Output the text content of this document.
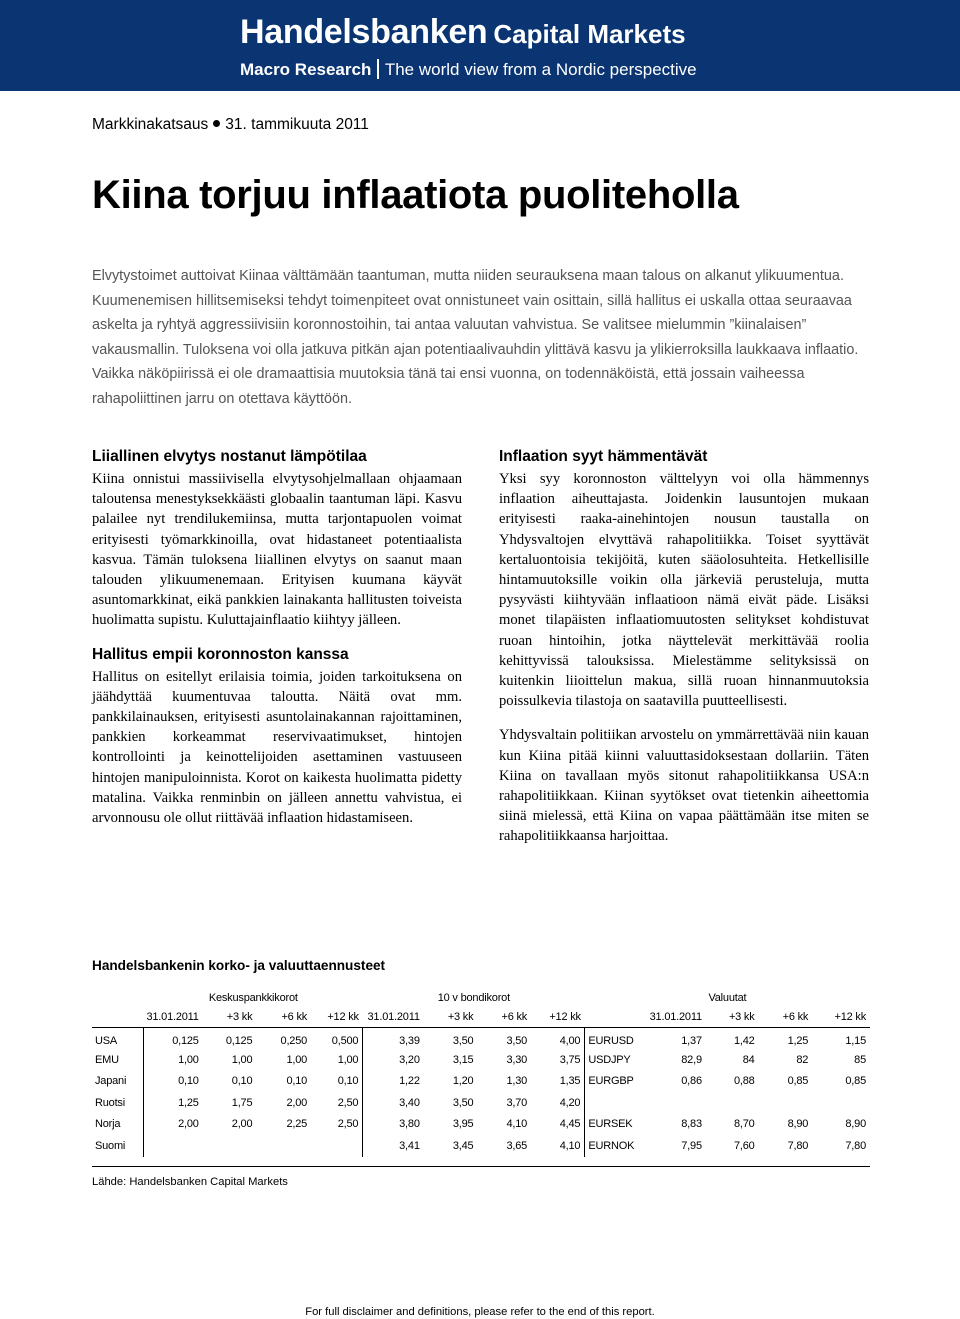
Handelsbanken Capital Markets
Macro Research The world view from a Nordic perspective
Markkinakatsaus 31. tammikuuta 2011
Kiina torjuu inflaatiota puoliteholla
Elvytystoimet auttoivat Kiinaa välttämään taantuman, mutta niiden seurauksena maan talous on alkanut ylikuumentua. Kuumenemisen hillitsemiseksi tehdyt toimenpiteet ovat onnistuneet vain osittain, sillä hallitus ei uskalla ottaa seuraavaa askelta ja ryhtyä aggressiivisiin koronnostoihin, tai antaa valuutan vahvistua. Se valitsee mielummin ”kiinalaisen” vakausmallin. Tuloksena voi olla jatkuva pitkän ajan potentiaalivauhdin ylittävä kasvu ja ylikierroksilla laukkaava inflaatio. Vaikka näköpiirissä ei ole dramaattisia muutoksia tänä tai ensi vuonna, on todennäköistä, että jossain vaiheessa rahapoliittinen jarru on otettava käyttöön.
Liiallinen elvytys nostanut lämpötilaa

Kiina onnistui massiivisella elvytysohjelmallaan ohjaamaan taloutensa menestyksekkäästi globaalin taantuman läpi. Kasvu palailee nyt trendilukemiinsa, mutta tarjontapuolen voimat erityisesti työmarkkinoilla, ovat hidastaneet potentiaalista kasvua. Tämän tuloksena liiallinen elvytys on saanut maan talouden ylikuumenemaan. Erityisen kuumana käyvät asuntomarkkinat, eikä pankkien lainakanta hallitusten toiveista huolimatta supistu. Kuluttajainflaatio kiihtyy jälleen.

Hallitus empii koronnoston kanssa

Hallitus on esitellyt erilaisia toimia, joiden tarkoituksena on jäähdyttää kuumentuvaa taloutta. Näitä ovat mm. pankkilainauksen, erityisesti asuntolainakannan rajoittaminen, pankkien korkeammat reservivaatimukset, hintojen kontrollointi ja keinottelijoiden asettaminen vastuuseen hintojen manipuloinnista. Korot on kaikesta huolimatta pidetty matalina. Vaikka renminbin on jälleen annettu vahvistua, ei arvonnousu ole ollut riittävää inflaation hidastamiseen.

Inflaation syyt hämmentävät

Yksi syy koronnoston välttelyyn voi olla hämmennys inflaation aiheuttajasta. Joidenkin lausuntojen mukaan erityisesti raaka-ainehintojen nousun taustalla on Yhdysvaltojen elvyttävä rahapolitiikka. Toiset syyttävät kertaluontoisia tekijöitä, kuten sääolosuhteita. Hetkellisille hintamuutoksille voikin olla järkeviä perusteluja, mutta pysyvästi kiihtyvään inflaatioon nämä eivät päde. Lisäksi monet tilapäisten inflaatiomuutosten selitykset kohdistuvat ruoan hintoihin, jotka näyttelevät merkittävää roolia kehittyvissä talouksissa. Mielestämme selityksissä on kuitenkin liioittelun makua, sillä ruoan hinnanmuutoksia poissulkevia tilastoja on saatavilla puutteellisesti.

Yhdysvaltain politiikan arvostelu on ymmärrettävää niin kauan kun Kiina pitää kiinni valuuttasidoksestaan dollariin. Täten Kiina on tavallaan myös sitonut rahapolitiikkansa USA:n rahapolitiikkaan. Kiinan syytökset ovat tietenkin aiheettomia siinä mielessä, että Kiina on vapaa päättämään itse miten se rahapolitiikkaansa harjoittaa.

Handelsbankenin korko- ja valuuttaennusteet
	Keskuspankkikorot				10 v bondikorot				Valuutat				
	31.01.2011	+3 kk	+6 kk	+12 kk	31.01.2011	+3 kk	+6 kk	+12 kk		31.01.2011	+3 kk	+6 kk	+12 kk
USA	0,125	0,125	0,250	0,500	3,39	3,50	3,50	4,00	EURUSD	1,37	1,42	1,25	1,15
EMU	1,00	1,00	1,00	1,00	3,20	3,15	3,30	3,75	USDJPY	82,9	84	82	85
Japani	0,10	0,10	0,10	0,10	1,22	1,20	1,30	1,35	EURGBP	0,86	0,88	0,85	0,85
Ruotsi	1,25	1,75	2,00	2,50	3,40	3,50	3,70	4,20					
Norja	2,00	2,00	2,25	2,50	3,80	3,95	4,10	4,45	EURSEK	8,83	8,70	8,90	8,90
Suomi					3,41	3,45	3,65	4,10	EURNOK	7,95	7,60	7,80	7,80
Lähde: Handelsbanken Capital Markets
For full disclaimer and definitions, please refer to the end of this report.
